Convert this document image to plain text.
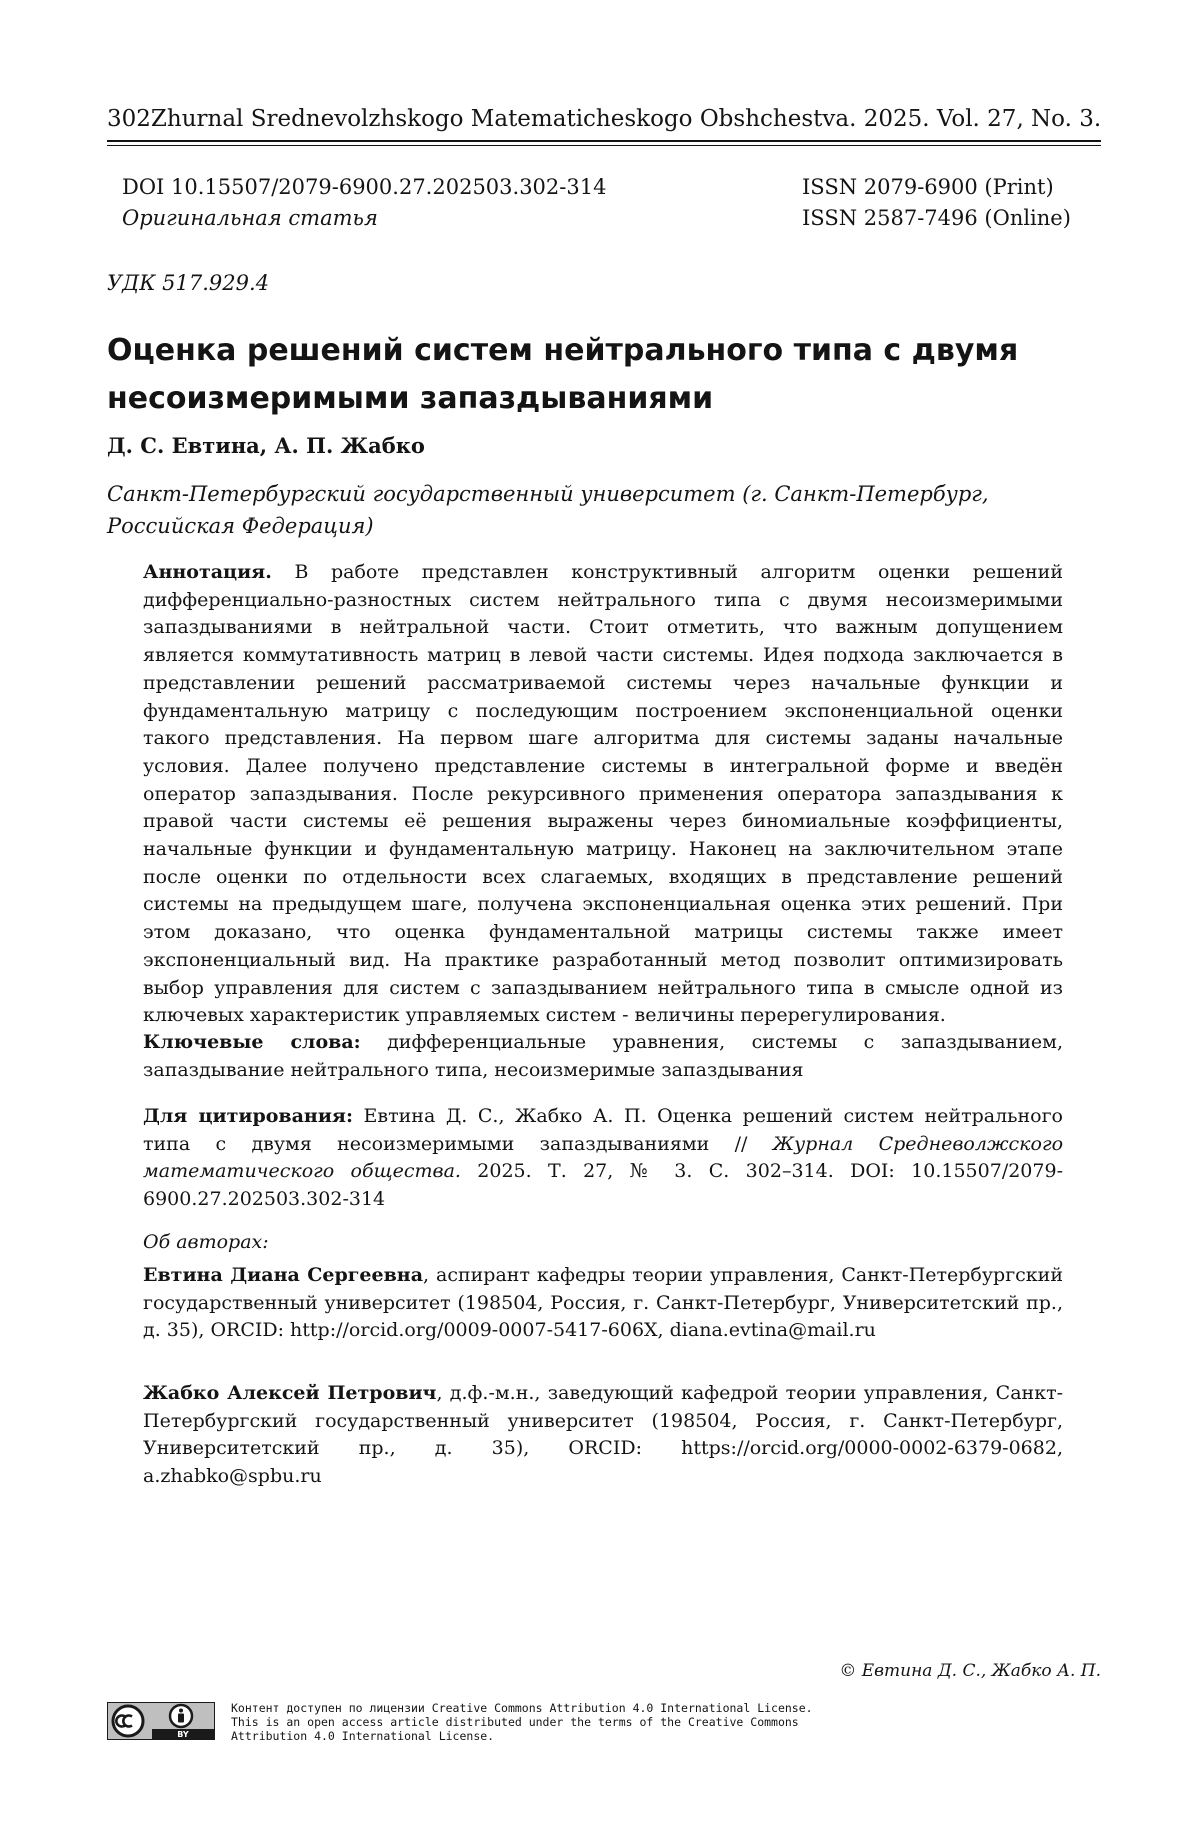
302 Zhurnal Srednevolzhskogo Matematicheskogo Obshchestva. 2025. Vol. 27, No. 3.
DOI 10.15507/2079-6900.27.202503.302-314
Оригинальная статья
ISSN 2079-6900 (Print)
ISSN 2587-7496 (Online)
УДК 517.929.4
Оценка решений систем нейтрального типа с двумя несоизмеримыми запаздываниями
Д. С. Евтина, А. П. Жабко
Санкт-Петербургский государственный университет (г. Санкт-Петербург, Российская Федерация)
Аннотация. В работе представлен конструктивный алгоритм оценки решений дифференциально-разностных систем нейтрального типа с двумя несоизмеримыми запаздываниями в нейтральной части. Стоит отметить, что важным допущением является коммутативность матриц в левой части системы. Идея подхода заключается в представлении решений рассматриваемой системы через начальные функции и фундаментальную матрицу с последующим построением экспоненциальной оценки такого представления. На первом шаге алгоритма для системы заданы начальные условия. Далее получено представление системы в интегральной форме и введён оператор запаздывания. После рекурсивного применения оператора запаздывания к правой части системы её решения выражены через биномиальные коэффициенты, начальные функции и фундаментальную матрицу. Наконец на заключительном этапе после оценки по отдельности всех слагаемых, входящих в представление решений системы на предыдущем шаге, получена экспоненциальная оценка этих решений. При этом доказано, что оценка фундаментальной матрицы системы также имеет экспоненциальный вид. На практике разработанный метод позволит оптимизировать выбор управления для систем с запаздыванием нейтрального типа в смысле одной из ключевых характеристик управляемых систем - величины перерегулирования.
Ключевые слова: дифференциальные уравнения, системы с запаздыванием, запаздывание нейтрального типа, несоизмеримые запаздывания
Для цитирования: Евтина Д. С., Жабко А. П. Оценка решений систем нейтрального типа с двумя несоизмеримыми запаздываниями // Журнал Средневолжского математического общества. 2025. Т. 27, № 3. С. 302–314. DOI: 10.15507/2079-6900.27.202503.302-314
Об авторах:
Евтина Диана Сергеевна, аспирант кафедры теории управления, Санкт-Петербургский государственный университет (198504, Россия, г. Санкт-Петербург, Университетский пр., д. 35), ORCID: http://orcid.org/0009-0007-5417-606X, diana.evtina@mail.ru
Жабко Алексей Петрович, д.ф.-м.н., заведующий кафедрой теории управления, Санкт-Петербургский государственный университет (198504, Россия, г. Санкт-Петербург, Университетский пр., д. 35), ORCID: https://orcid.org/0000-0002-6379-0682, a.zhabko@spbu.ru
© Евтина Д. С., Жабко А. П.
BY
Контент доступен по лицензии Creative Commons Attribution 4.0 International License.
This is an open access article distributed under the terms of the Creative Commons
Attribution 4.0 International License.
